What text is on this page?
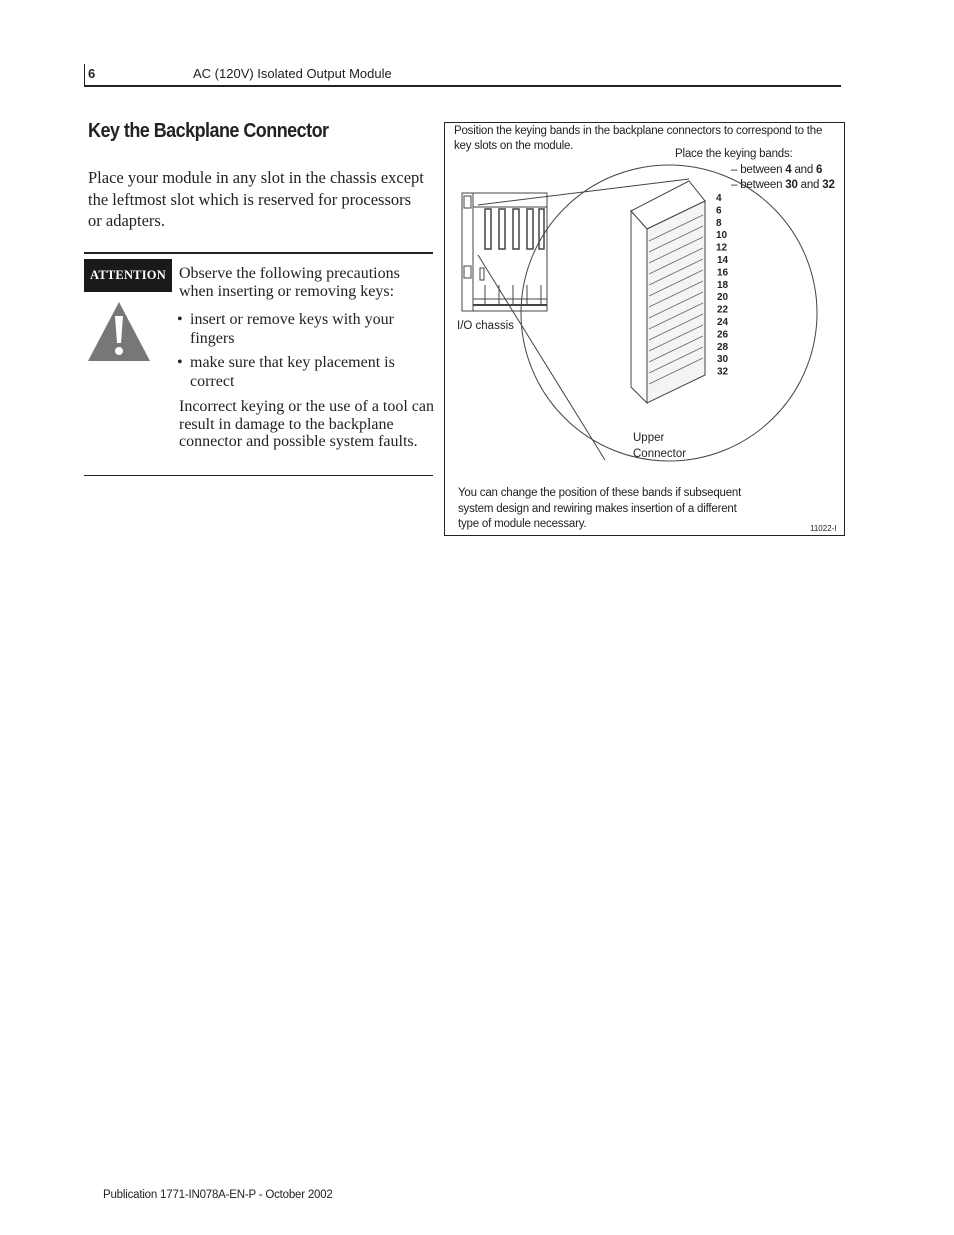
6	AC (120V) Isolated Output Module
Key the Backplane Connector
Place your module in any slot in the chassis except the leftmost slot which is reserved for processors or adapters.
ATTENTION Observe the following precautions when inserting or removing keys:
• insert or remove keys with your fingers
• make sure that key placement is correct
Incorrect keying or the use of a tool can result in damage to the backplane connector and possible system faults.
4
6
8
10
12
14
16
18
20
22
24
26
28
30
32
Position the keying bands in the backplane connectors to correspond to the key slots on the module.
Place the keying bands:
– between 4 and 6
– between 30 and 32
I/O chassis
Upper
Connector
You can change the position of these bands if subsequent system design and rewiring makes insertion of a different type of module necessary.	11022-I
Publication 1771-IN078A-EN-P - October 2002
